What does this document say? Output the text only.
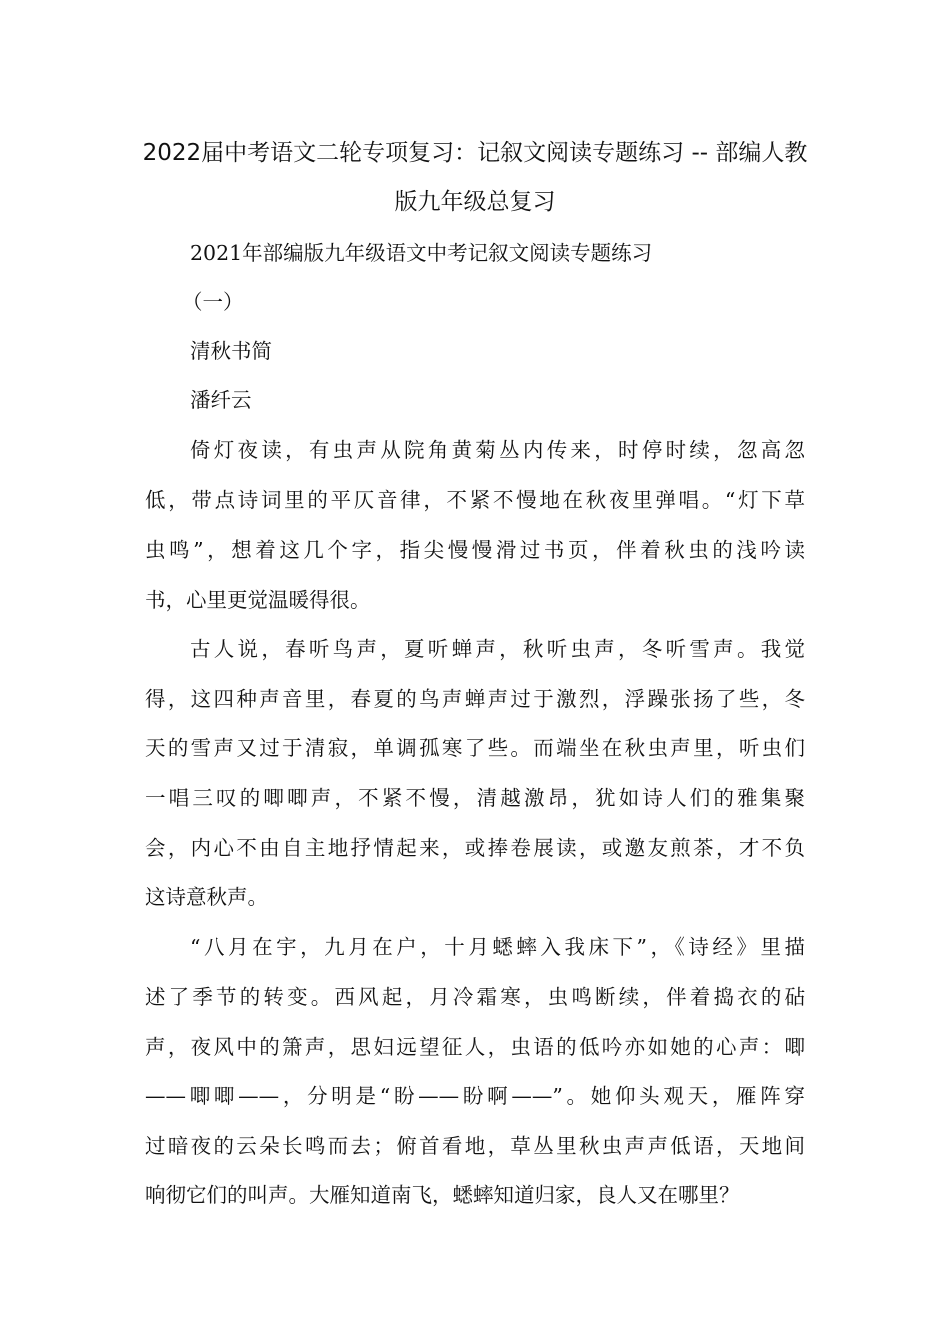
2022届中考语文二轮专项复习：记叙文阅读专题练习 -- 部编人教
版九年级总复习
2021年部编版九年级语文中考记叙文阅读专题练习
（一）
清秋书简
潘纤云
倚灯夜读，有虫声从院角黄菊丛内传来，时停时续，忽高忽
低，带点诗词里的平仄音律，不紧不慢地在秋夜里弹唱。“灯下草
虫鸣”，想着这几个字，指尖慢慢滑过书页，伴着秋虫的浅吟读
书，心里更觉温暖得很。
古人说，春听鸟声，夏听蝉声，秋听虫声，冬听雪声。我觉
得，这四种声音里，春夏的鸟声蝉声过于激烈，浮躁张扬了些，冬
天的雪声又过于清寂，单调孤寒了些。而端坐在秋虫声里，听虫们
一唱三叹的唧唧声，不紧不慢，清越激昂，犹如诗人们的雅集聚
会，内心不由自主地抒情起来，或捧卷展读，或邀友煎茶，才不负
这诗意秋声。
“八月在宇，九月在户，十月蟋蟀入我床下”，《诗经》里描
述了季节的转变。西风起，月冷霜寒，虫鸣断续，伴着捣衣的砧
声，夜风中的箫声，思妇远望征人，虫语的低吟亦如她的心声：唧
——唧唧——，分明是“盼——盼啊——”。她仰头观天，雁阵穿
过暗夜的云朵长鸣而去；俯首看地，草丛里秋虫声声低语，天地间
响彻它们的叫声。大雁知道南飞，蟋蟀知道归家，良人又在哪里？
